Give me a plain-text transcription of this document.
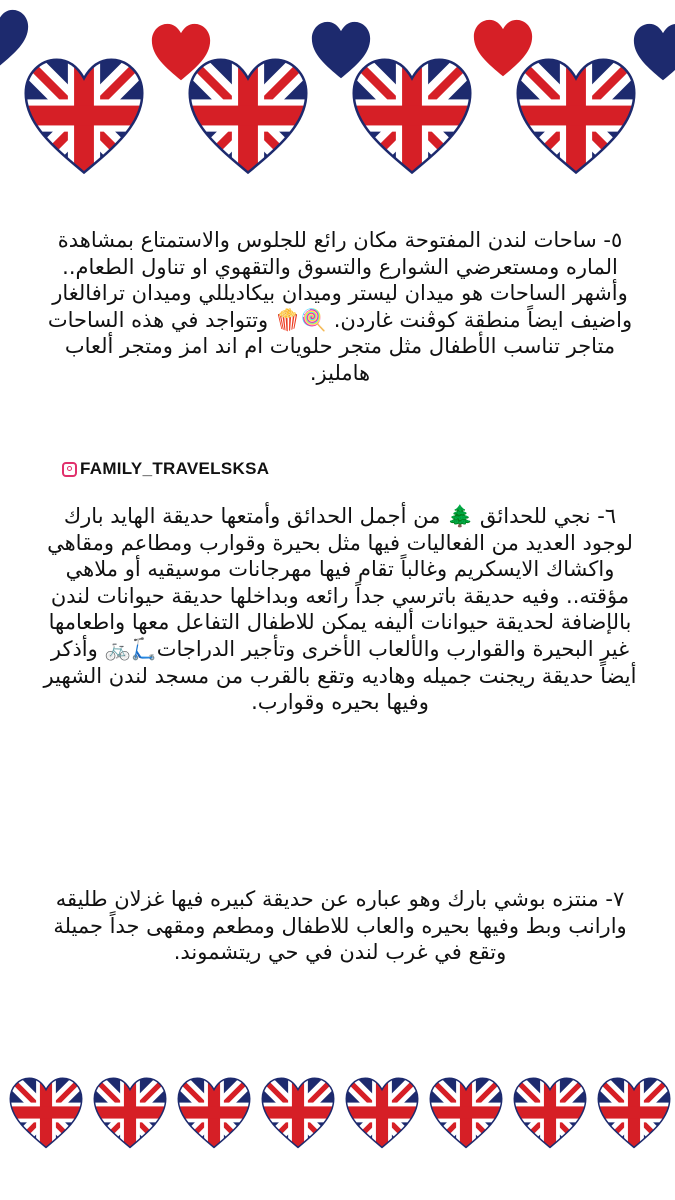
٥- ساحات لندن المفتوحة مكان رائع للجلوس والاستمتاع بمشاهدة الماره ومستعرضي الشوارع والتسوق والتقهوي او تناول الطعام.. وأشهر الساحات هو ميدان ليستر وميدان بيكاديللي وميدان ترافالغار واضيف ايضاً منطقة كوڤنت غاردن. 🍭🍿 وتتواجد في هذه الساحات متاجر تناسب الأطفال مثل متجر حلويات ام اند امز ومتجر ألعاب هامليز.
FAMILY_TRAVELSKSA
٦- نجي للحدائق 🌲 من أجمل الحدائق وأمتعها حديقة الهايد بارك لوجود العديد من الفعاليات فيها مثل بحيرة وقوارب ومطاعم ومقاهي واكشاك الايسكريم وغالباً تقام فيها مهرجانات موسيقيه أو ملاهي مؤقته.. وفيه حديقة باترسي جداً رائعه وبداخلها حديقة حيوانات لندن بالإضافة لحديقة حيوانات أليفه يمكن للاطفال التفاعل معها واطعامها غير البحيرة والقوارب والألعاب الأخرى وتأجير الدراجات🛴🚲 وأذكر أيضاً حديقة ريجنت جميله وهاديه وتقع بالقرب من مسجد لندن الشهير وفيها بحيره وقوارب.
٧- منتزه بوشي بارك وهو عباره عن حديقة كبيره فيها غزلان طليقه وارانب وبط وفيها بحيره والعاب للاطفال ومطعم ومقهى جداً جميلة وتقع في غرب لندن في حي ريتشموند.
